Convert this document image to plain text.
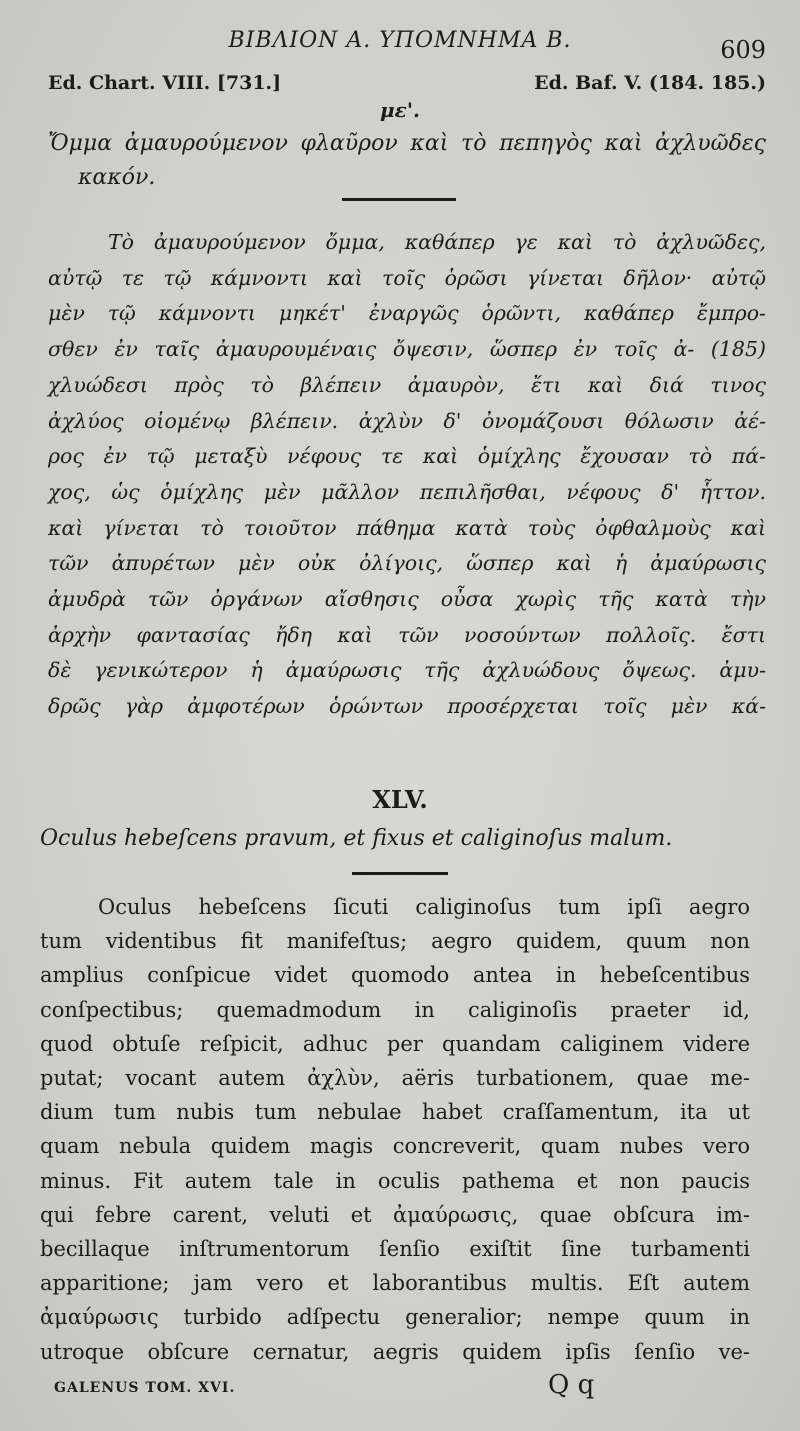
ΒΙΒΛΙΟΝ Α. ΥΠΟΜΝΗΜΑ Β.	609
Ed. Chart. VIII. [731.]	Ed. Baf. V. (184. 185.)
με'.
Ὄμμα ἀμαυρούμενον φλαῦρον καὶ τὸ πεπηγὸς καὶ ἀχλυῶδες
κακόν.
Τὸ ἀμαυρούμενον ὄμμα, καθάπερ γε καὶ τὸ ἀχλυῶδες,
αὐτῷ τε τῷ κάμνοντι καὶ τοῖς ὁρῶσι γίνεται δῆλον· αὐτῷ
μὲν τῷ κάμνοντι μηκέτ' ἐναργῶς ὁρῶντι, καθάπερ ἔμπρο-
σθεν ἐν ταῖς ἀμαυρουμέναις ὄψεσιν, ὥσπερ ἐν τοῖς ἀ- (185)
χλυώδεσι πρὸς τὸ βλέπειν ἀμαυρὸν, ἔτι καὶ διά τινος
ἀχλύος οἰομένῳ βλέπειν. ἀχλὺν δ' ὀνομάζουσι θόλωσιν ἀέ-
ρος ἐν τῷ μεταξὺ νέφους τε καὶ ὁμίχλης ἔχουσαν τὸ πά-
χος, ὡς ὁμίχλης μὲν μᾶλλον πεπιλῆσθαι, νέφους δ' ἧττον.
καὶ γίνεται τὸ τοιοῦτον πάθημα κατὰ τοὺς ὀφθαλμοὺς καὶ
τῶν ἀπυρέτων μὲν οὐκ ὀλίγοις, ὥσπερ καὶ ἡ ἀμαύρωσις
ἀμυδρὰ τῶν ὀργάνων αἴσθησις οὖσα χωρὶς τῆς κατὰ τὴν
ἀρχὴν φαντασίας ἤδη καὶ τῶν νοσούντων πολλοῖς. ἔστι
δὲ γενικώτερον ἡ ἀμαύρωσις τῆς ἀχλυώδους ὄψεως. ἀμυ-
δρῶς γὰρ ἀμφοτέρων ὁρώντων προσέρχεται τοῖς μὲν κά-
XLV.
Oculus hebeſcens pravum, et fixus et caliginoſus malum.
Oculus hebeſcens ſicuti caliginoſus tum ipſi aegro
tum videntibus fit manifeſtus; aegro quidem, quum non
amplius conſpicue videt quomodo antea in hebeſcentibus
conſpectibus; quemadmodum in caliginoſis praeter id,
quod obtuſe reſpicit, adhuc per quandam caliginem videre
putat; vocant autem ἀχλὺν, aëris turbationem, quae me-
dium tum nubis tum nebulae habet craſſamentum, ita ut
quam nebula quidem magis concreverit, quam nubes vero
minus. Fit autem tale in oculis pathema et non paucis
qui febre carent, veluti et ἀμαύρωσις, quae obſcura im-
becillaque inſtrumentorum ſenſio exiſtit ſine turbamenti
apparitione; jam vero et laborantibus multis. Eſt autem
ἀμαύρωσις turbido adſpectu generalior; nempe quum in
utroque obſcure cernatur, aegris quidem ipſis ſenſio ve-
GALENUS TOM. XVI.	Q q
